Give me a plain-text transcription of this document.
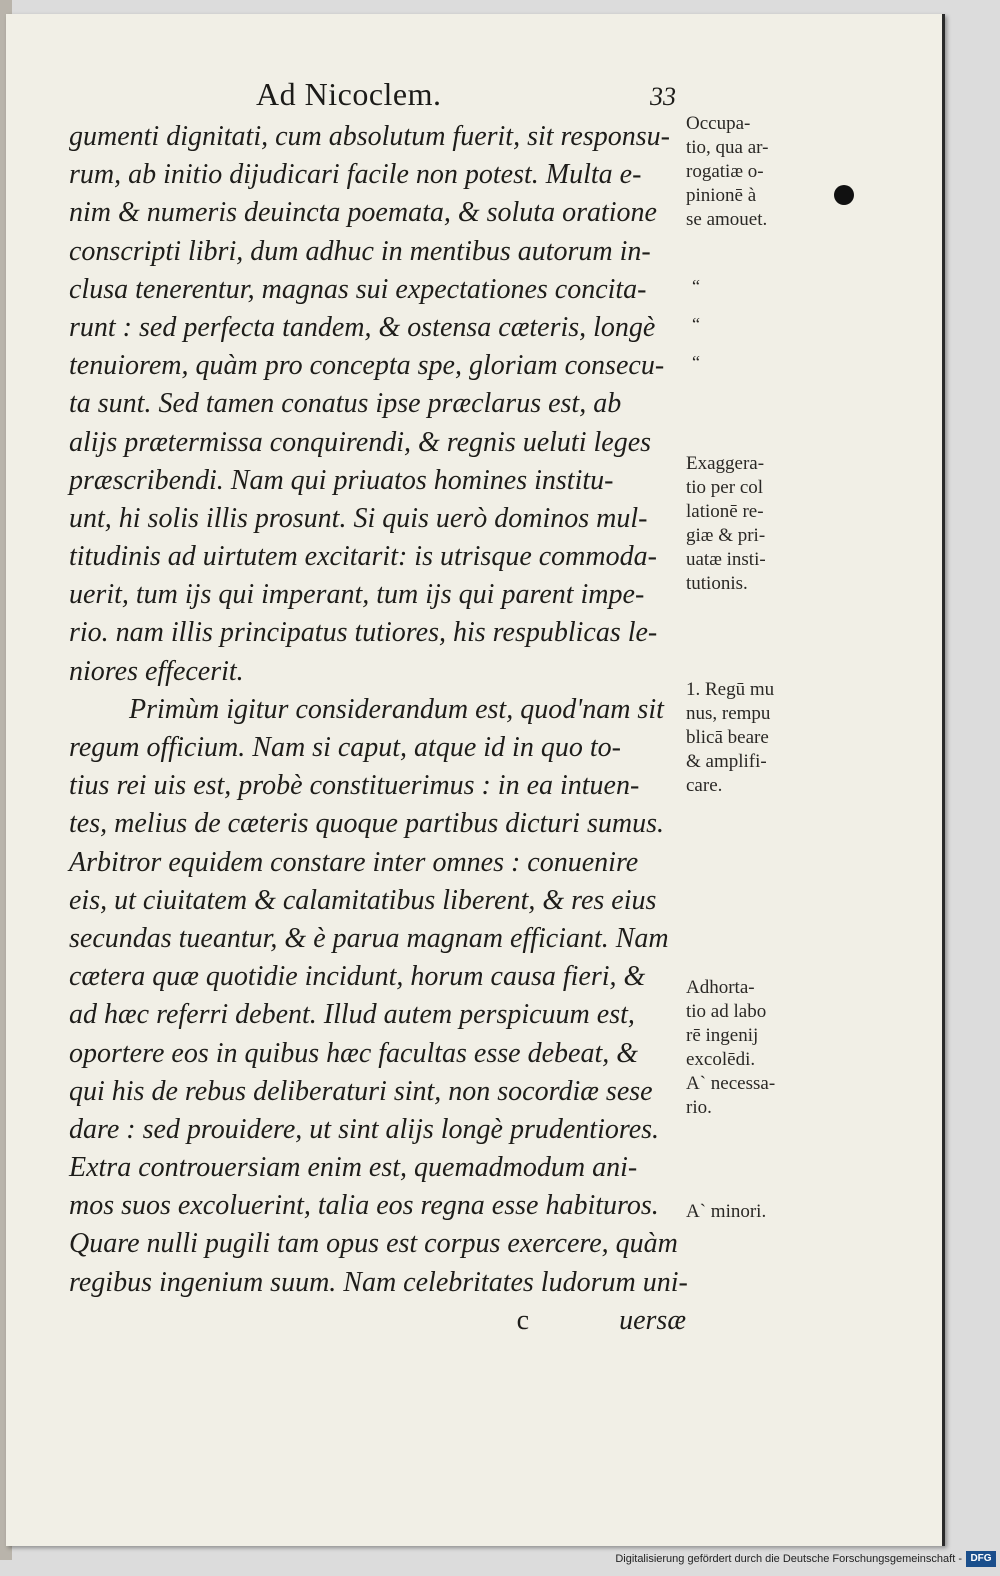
Ad Nicoclem.	33
gumenti dignitati, cum absolutum fuerit, sit responsu-
rum, ab initio dijudicari facile non potest. Multa e-
nim & numeris deuincta poemata, & soluta oratione
conscripti libri, dum adhuc in mentibus autorum in-
clusa tenerentur, magnas sui expectationes concita-
runt : sed perfecta tandem, & ostensa cæteris, longè
tenuiorem, quàm pro concepta spe, gloriam consecu-
ta sunt. Sed tamen conatus ipse præclarus est, ab
alijs prætermissa conquirendi, & regnis ueluti leges
præscribendi. Nam qui priuatos homines institu-
unt, hi solis illis prosunt. Si quis uerò dominos mul-
titudinis ad uirtutem excitarit: is utrisque commoda-
uerit, tum ijs qui imperant, tum ijs qui parent impe-
rio. nam illis principatus tutiores, his respublicas le-
niores effecerit.
Primùm igitur considerandum est, quod'nam sit
regum officium. Nam si caput, atque id in quo to-
tius rei uis est, probè constituerimus : in ea intuen-
tes, melius de cæteris quoque partibus dicturi sumus.
Arbitror equidem constare inter omnes : conuenire
eis, ut ciuitatem & calamitatibus liberent, & res eius
secundas tueantur, & è parua magnam efficiant. Nam
cætera quæ quotidie incidunt, horum causa fieri, &
ad hæc referri debent. Illud autem perspicuum est,
oportere eos in quibus hæc facultas esse debeat, &
qui his de rebus deliberaturi sint, non socordiæ sese
dare : sed prouidere, ut sint alijs longè prudentiores.
Extra controuersiam enim est, quemadmodum ani-
mos suos excoluerint, talia eos regna esse habituros.
Quare nulli pugili tam opus est corpus exercere, quàm
regibus ingenium suum. Nam celebritates ludorum uni-
c	uersæ
Occupa-
tio, qua ar-
rogatiæ o-
pinionē à
se amouet.
“
“
“
Exaggera-
tio per col
lationē re-
giæ & pri-
uatæ insti-
tutionis.
1. Regū mu
nus, rempu
blicā beare
& amplifi-
care.
Adhorta-
tio ad labo
rē ingenij
excolēdi.
A` necessa-
rio.
A` minori.
Digitalisierung gefördert durch die Deutsche Forschungsgemeinschaft - DFG
